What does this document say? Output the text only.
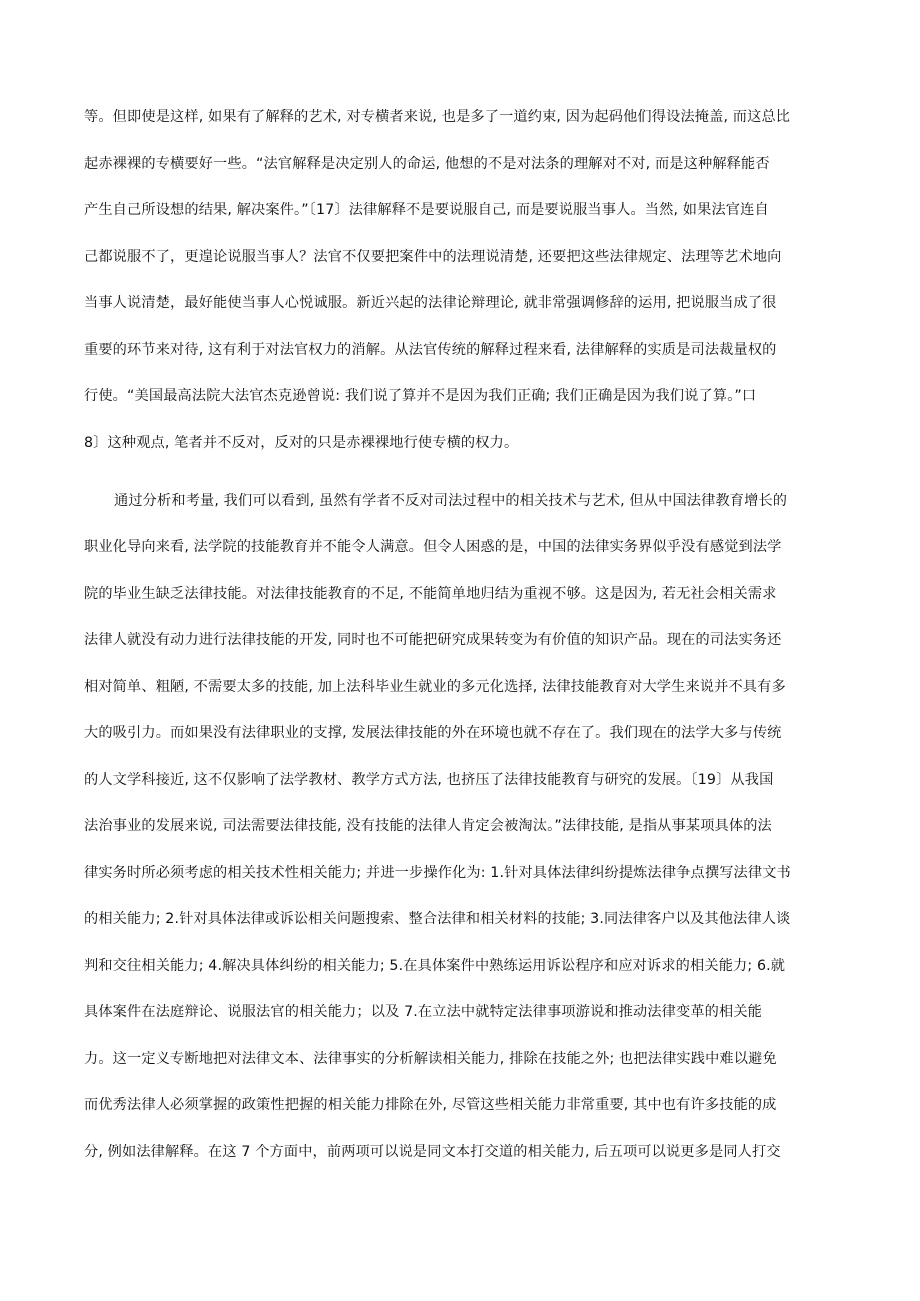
等。但即使是这样, 如果有了解释的艺术, 对专横者来说, 也是多了一道约束, 因为起码他们得设法掩盖, 而这总比

起赤裸裸的专横要好一些。“法官解释是决定别人的命运, 他想的不是对法条的理解对不对, 而是这种解释能否

产生自己所设想的结果, 解决案件。”〔17〕法律解释不是要说服自己, 而是要说服当事人。当然, 如果法官连自

己都说服不了，更遑论说服当事人？法官不仅要把案件中的法理说清楚, 还要把这些法律规定、法理等艺术地向

当事人说清楚，最好能使当事人心悦诚服。新近兴起的法律论辩理论, 就非常强调修辞的运用, 把说服当成了很

重要的环节来对待, 这有利于对法官权力的消解。从法官传统的解释过程来看, 法律解释的实质是司法裁量权的

行使。“美国最高法院大法官杰克逊曾说: 我们说了算并不是因为我们正确; 我们正确是因为我们说了算。”口

8〕这种观点, 笔者并不反对，反对的只是赤裸裸地行使专横的权力。

通过分析和考量, 我们可以看到, 虽然有学者不反对司法过程中的相关技术与艺术, 但从中国法律教育增长的

职业化导向来看, 法学院的技能教育并不能令人满意。但令人困惑的是，中国的法律实务界似乎没有感觉到法学

院的毕业生缺乏法律技能。对法律技能教育的不足, 不能简单地归结为重视不够。这是因为, 若无社会相关需求

法律人就没有动力进行法律技能的开发, 同时也不可能把研究成果转变为有价值的知识产品。现在的司法实务还

相对简单、粗陋, 不需要太多的技能, 加上法科毕业生就业的多元化选择, 法律技能教育对大学生来说并不具有多

大的吸引力。而如果没有法律职业的支撑, 发展法律技能的外在环境也就不存在了。我们现在的法学大多与传统

的人文学科接近, 这不仅影响了法学教材、教学方式方法, 也挤压了法律技能教育与研究的发展。〔19〕从我国

法治事业的发展来说, 司法需要法律技能, 没有技能的法律人肯定会被淘汰。”法律技能, 是指从事某项具体的法

律实务时所必须考虑的相关技术性相关能力; 并进一步操作化为: 1.针对具体法律纠纷提炼法律争点撰写法律文书

的相关能力; 2.针对具体法律或诉讼相关问题搜索、整合法律和相关材料的技能; 3.同法律客户以及其他法律人谈

判和交往相关能力; 4.解决具体纠纷的相关能力; 5.在具体案件中熟练运用诉讼程序和应对诉求的相关能力; 6.就

具体案件在法庭辩论、说服法官的相关能力；以及 7.在立法中就特定法律事项游说和推动法律变革的相关能

力。这一定义专断地把对法律文本、法律事实的分析解读相关能力, 排除在技能之外; 也把法律实践中难以避免

而优秀法律人必须掌握的政策性把握的相关能力排除在外, 尽管这些相关能力非常重要, 其中也有许多技能的成

分, 例如法律解释。在这 7 个方面中，前两项可以说是同文本打交道的相关能力, 后五项可以说更多是同人打交
